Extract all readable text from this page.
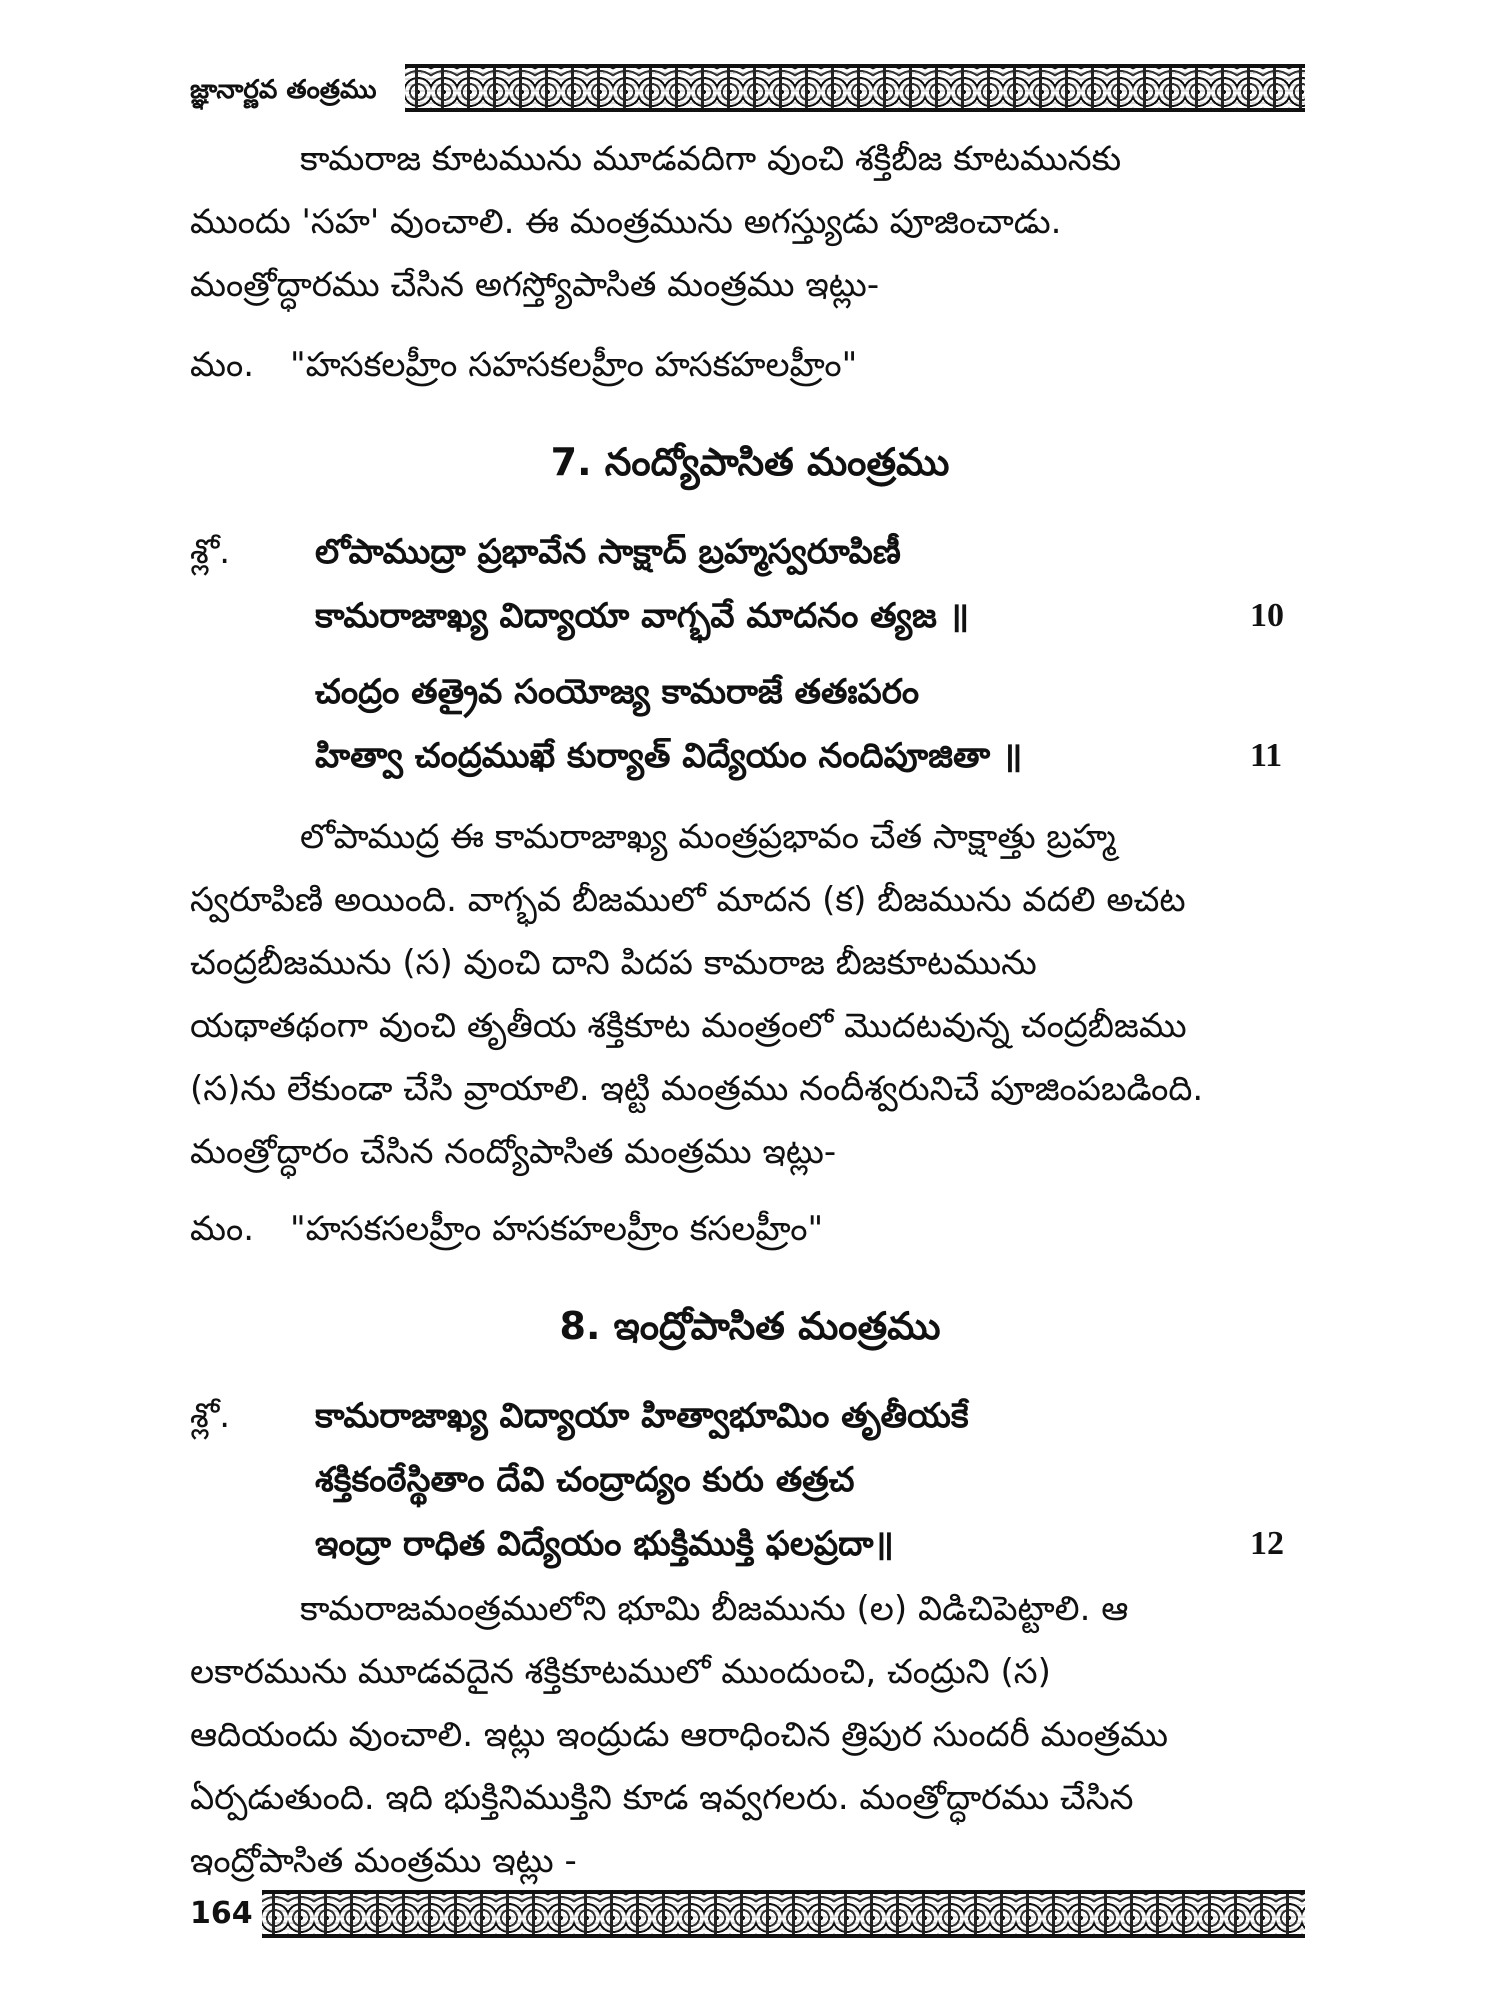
జ్ఞానార్ణవ తంత్రము
కామరాజ కూటమును మూడవదిగా వుంచి శక్తిబీజ కూటమునకు
ముందు 'సహ' వుంచాలి. ఈ మంత్రమును అగస్త్యుడు పూజించాడు.
మంత్రోద్ధారము చేసిన అగస్త్యోపాసిత మంత్రము ఇట్లు-
మం. "హసకలహ్రీం సహసకలహ్రీం హసకహలహ్రీం"
7. నంద్యోపాసిత మంత్రము
శ్లో. లోపాముద్రా ప్రభావేన సాక్షాద్ బ్రహ్మస్వరూపిణీ
కామరాజాఖ్య విద్యాయా వాగ్భవే మాదనం త్యజ ॥	10
చంద్రం తత్రైవ సంయోజ్య కామరాజే తతఃపరం
హిత్వా చంద్రముఖే కుర్యాత్ విద్యేయం నందిపూజితా ॥	11
లోపాముద్ర ఈ కామరాజాఖ్య మంత్రప్రభావం చేత సాక్షాత్తు బ్రహ్మ
స్వరూపిణి అయింది. వాగ్భవ బీజములో మాదన (క) బీజమును వదలి అచట
చంద్రబీజమును (స) వుంచి దాని పిదప కామరాజ బీజకూటమును
యథాతథంగా వుంచి తృతీయ శక్తికూట మంత్రంలో మొదటవున్న చంద్రబీజము
(స)ను లేకుండా చేసి వ్రాయాలి. ఇట్టి మంత్రము నందీశ్వరునిచే పూజింపబడింది.
మంత్రోద్ధారం చేసిన నంద్యోపాసిత మంత్రము ఇట్లు-
మం. "హసకసలహ్రీం హసకహలహ్రీం కసలహ్రీం"
8. ఇంద్రోపాసిత మంత్రము
శ్లో. కామరాజాఖ్య విద్యాయా హిత్వాభూమిం తృతీయకే
శక్తికంఠేస్థితాం దేవి చంద్రాద్యం కురు తత్రచ
ఇంద్రా రాధిత విద్యేయం భుక్తిముక్తి ఫలప్రదా॥	12
కామరాజమంత్రములోని భూమి బీజమును (ల) విడిచిపెట్టాలి. ఆ
లకారమును మూడవదైన శక్తికూటములో ముందుంచి, చంద్రుని (స)
ఆదియందు వుంచాలి. ఇట్లు ఇంద్రుడు ఆరాధించిన త్రిపుర సుందరీ మంత్రము
ఏర్పడుతుంది. ఇది భుక్తినిముక్తిని కూడ ఇవ్వగలరు. మంత్రోద్ధారము చేసిన
ఇంద్రోపాసిత మంత్రము ఇట్లు -
164
